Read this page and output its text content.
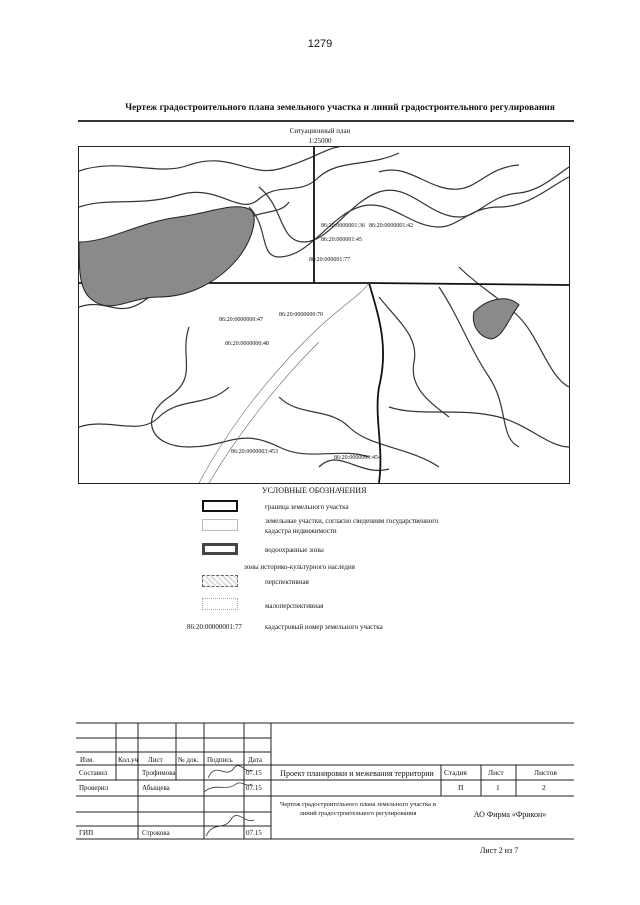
1279
Чертеж градостроительного плана земельного участка и линий градостроительного регулирования
Ситуационный план
1:25000
86:20:0000001:36 86:20:0000001:42
86:20:000001:45
86:20:000001:77
86:20:0000000:70
86:20:0000000:47
86:20:0000000:48
86:20:0000003:453
86:20:0000003:454
УСЛОВНЫЕ ОБОЗНАЧЕНИЯ
граница земельного участка
земельные участки, согласно сведениям государственного кадастра недвижимости
водоохранные зоны
зоны историко-культурного наследия
перспективная
малоперспективная
86:20:00000001:77	кадастровый номер земельного участка
Изм.	Кол.уч Лист № док. Подпись Дата
Составил	Трофимова	07.15
Проверил	Абыщева	07.15
ГИП	Строкова	07.15
Проект планировки и межевания территории	Стадия	Лист	Листов
П	1	2
Чертеж градостроительного плана земельного участка и линий градостроительного регулирования	АО Фирма «Фрикон»
Лист 2 из 7
